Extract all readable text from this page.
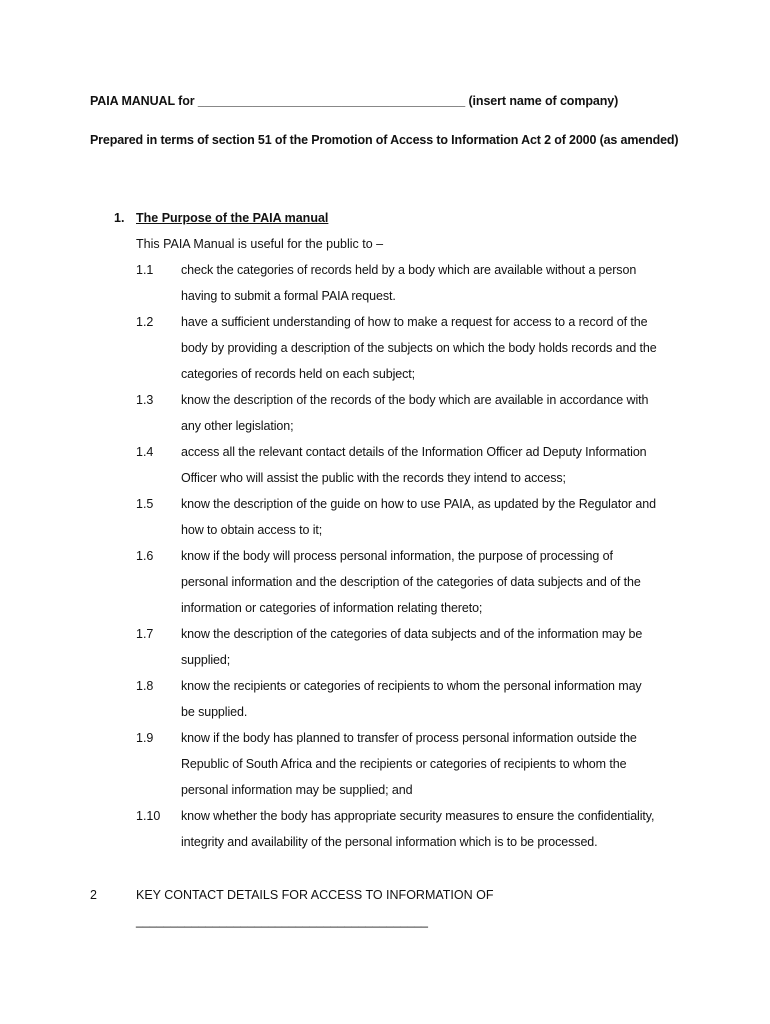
PAIA MANUAL for _______________________________________ (insert name of company)
Prepared in terms of section 51 of the Promotion of Access to Information Act 2 of 2000 (as amended)
1. The Purpose of the PAIA manual
This PAIA Manual is useful for the public to –
1.1 check the categories of records held by a body which are available without a person
having to submit a formal PAIA request.
1.2 have a sufficient understanding of how to make a request for access to a record of the
body by providing a description of the subjects on which the body holds records and the
categories of records held on each subject;
1.3 know the description of the records of the body which are available in accordance with
any other legislation;
1.4 access all the relevant contact details of the Information Officer ad Deputy Information
Officer who will assist the public with the records they intend to access;
1.5 know the description of the guide on how to use PAIA, as updated by the Regulator and
how to obtain access to it;
1.6 know if the body will process personal information, the purpose of processing of
personal information and the description of the categories of data subjects and of the
information or categories of information relating thereto;
1.7 know the description of the categories of data subjects and of the information may be
supplied;
1.8 know the recipients or categories of recipients to whom the personal information may
be supplied.
1.9 know if the body has planned to transfer of process personal information outside the
Republic of South Africa and the recipients or categories of recipients to whom the
personal information may be supplied; and
1.10 know whether the body has appropriate security measures to ensure the confidentiality,
integrity and availability of the personal information which is to be processed.
2	KEY CONTACT DETAILS FOR ACCESS TO INFORMATION OF
__________________________________________
